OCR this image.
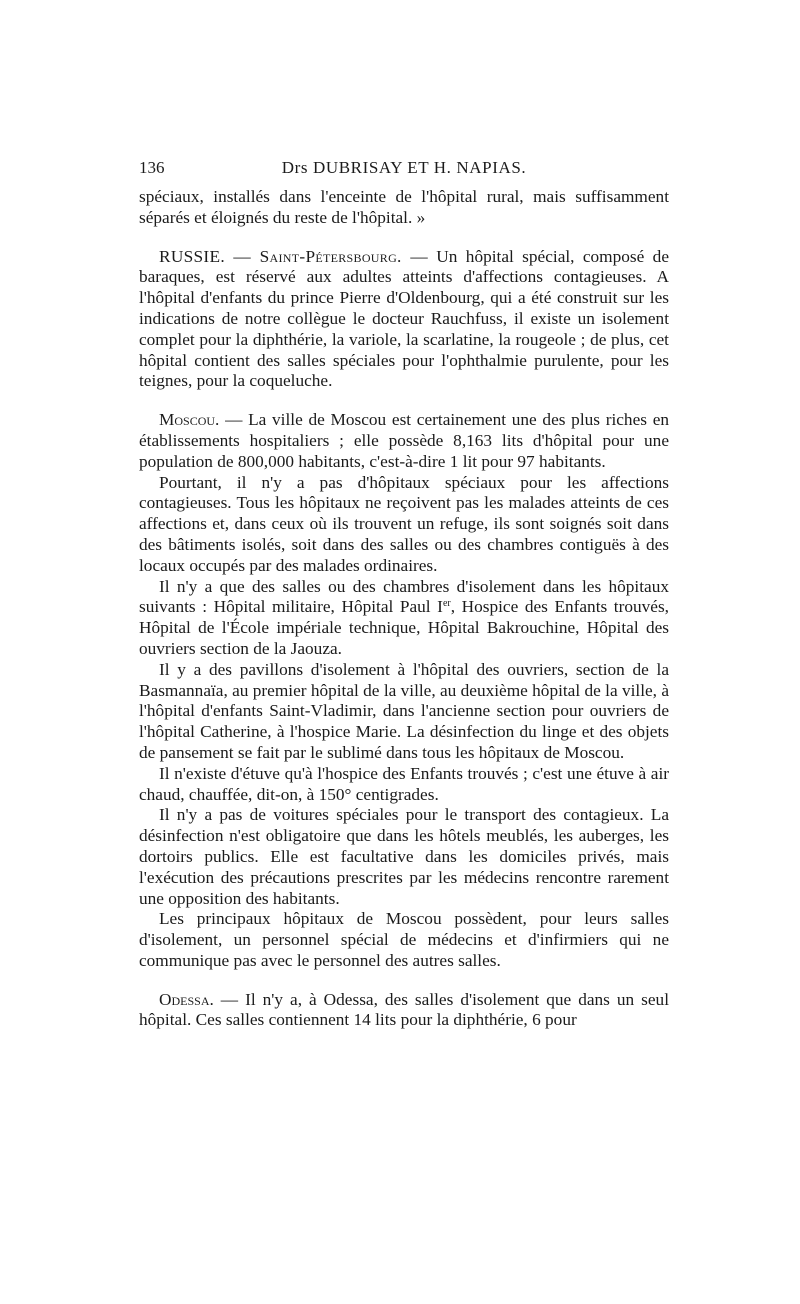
136	Drs DUBRISAY ET H. NAPIAS.

spéciaux, installés dans l'enceinte de l'hôpital rural, mais suffisamment séparés et éloignés du reste de l'hôpital. »

RUSSIE. — Saint-Pétersbourg. — Un hôpital spécial, composé de baraques, est réservé aux adultes atteints d'affections contagieuses. A l'hôpital d'enfants du prince Pierre d'Oldenbourg, qui a été construit sur les indications de notre collègue le docteur Rauchfuss, il existe un isolement complet pour la diphthérie, la variole, la scarlatine, la rougeole ; de plus, cet hôpital contient des salles spéciales pour l'ophthalmie purulente, pour les teignes, pour la coqueluche.

Moscou. — La ville de Moscou est certainement une des plus riches en établissements hospitaliers ; elle possède 8,163 lits d'hôpital pour une population de 800,000 habitants, c'est-à-dire 1 lit pour 97 habitants.

Pourtant, il n'y a pas d'hôpitaux spéciaux pour les affections contagieuses. Tous les hôpitaux ne reçoivent pas les malades atteints de ces affections et, dans ceux où ils trouvent un refuge, ils sont soignés soit dans des bâtiments isolés, soit dans des salles ou des chambres contiguës à des locaux occupés par des malades ordinaires.

Il n'y a que des salles ou des chambres d'isolement dans les hôpitaux suivants : Hôpital militaire, Hôpital Paul Ier, Hospice des Enfants trouvés, Hôpital de l'École impériale technique, Hôpital Bakrouchine, Hôpital des ouvriers section de la Jaouza.

Il y a des pavillons d'isolement à l'hôpital des ouvriers, section de la Basmannaïa, au premier hôpital de la ville, au deuxième hôpital de la ville, à l'hôpital d'enfants Saint-Vladimir, dans l'ancienne section pour ouvriers de l'hôpital Catherine, à l'hospice Marie. La désinfection du linge et des objets de pansement se fait par le sublimé dans tous les hôpitaux de Moscou.

Il n'existe d'étuve qu'à l'hospice des Enfants trouvés ; c'est une étuve à air chaud, chauffée, dit-on, à 150° centigrades.

Il n'y a pas de voitures spéciales pour le transport des contagieux. La désinfection n'est obligatoire que dans les hôtels meublés, les auberges, les dortoirs publics. Elle est facultative dans les domiciles privés, mais l'exécution des précautions prescrites par les médecins rencontre rarement une opposition des habitants.

Les principaux hôpitaux de Moscou possèdent, pour leurs salles d'isolement, un personnel spécial de médecins et d'infirmiers qui ne communique pas avec le personnel des autres salles.

Odessa. — Il n'y a, à Odessa, des salles d'isolement que dans un seul hôpital. Ces salles contiennent 14 lits pour la diphthérie, 6 pour
